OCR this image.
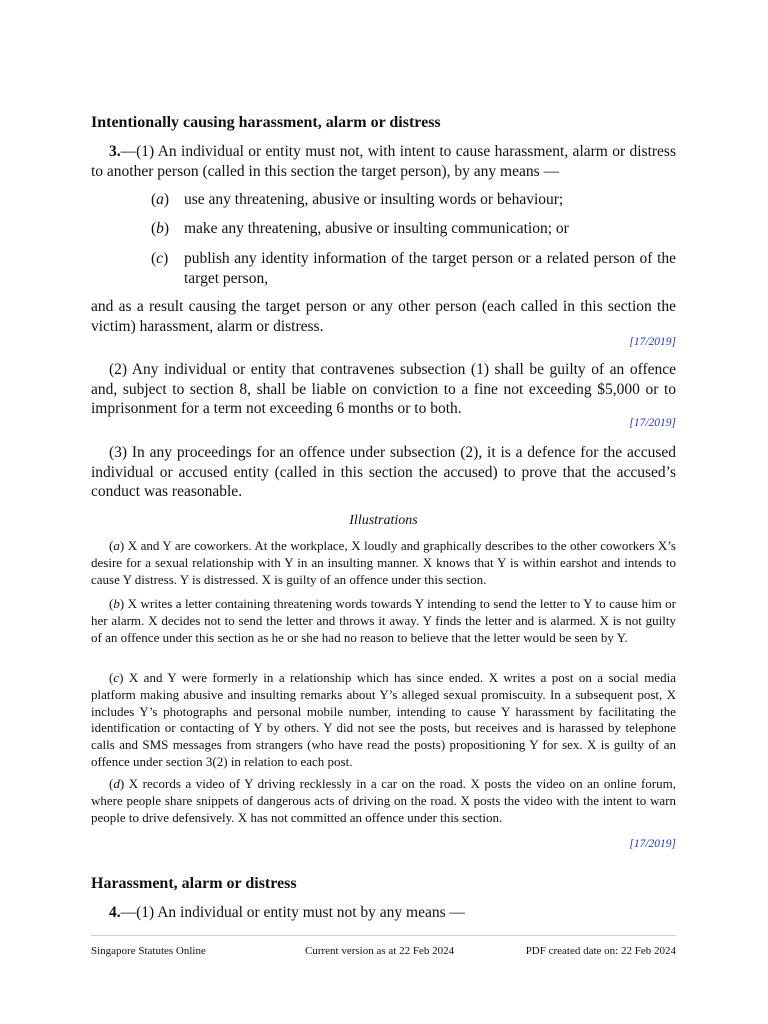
Intentionally causing harassment, alarm or distress
3.—(1) An individual or entity must not, with intent to cause harassment, alarm or distress to another person (called in this section the target person), by any means —
(a) use any threatening, abusive or insulting words or behaviour;
(b) make any threatening, abusive or insulting communication; or
(c)	publish any identity information of the target person or a related person of the target person,
and as a result causing the target person or any other person (each called in this section the victim) harassment, alarm or distress.
[17/2019]
(2) Any individual or entity that contravenes subsection (1) shall be guilty of an offence and, subject to section 8, shall be liable on conviction to a fine not exceeding $5,000 or to imprisonment for a term not exceeding 6 months or to both.
[17/2019]
(3) In any proceedings for an offence under subsection (2), it is a defence for the accused individual or accused entity (called in this section the accused) to prove that the accused’s conduct was reasonable.
Illustrations
(a) X and Y are coworkers. At the workplace, X loudly and graphically describes to the other coworkers X’s desire for a sexual relationship with Y in an insulting manner. X knows that Y is within earshot and intends to cause Y distress. Y is distressed. X is guilty of an offence under this section.
(b) X writes a letter containing threatening words towards Y intending to send the letter to Y to cause him or her alarm. X decides not to send the letter and throws it away. Y finds the letter and is alarmed. X is not guilty of an offence under this section as he or she had no reason to believe that the letter would be seen by Y.
(c) X and Y were formerly in a relationship which has since ended. X writes a post on a social media platform making abusive and insulting remarks about Y’s alleged sexual promiscuity. In a subsequent post, X includes Y’s photographs and personal mobile number, intending to cause Y harassment by facilitating the identification or contacting of Y by others. Y did not see the posts, but receives and is harassed by telephone calls and SMS messages from strangers (who have read the posts) propositioning Y for sex. X is guilty of an offence under section 3(2) in relation to each post.
(d) X records a video of Y driving recklessly in a car on the road. X posts the video on an online forum, where people share snippets of dangerous acts of driving on the road. X posts the video with the intent to warn people to drive defensively. X has not committed an offence under this section.
[17/2019]
Harassment, alarm or distress
4.—(1) An individual or entity must not by any means —
Singapore Statutes Online	Current version as at 22 Feb 2024	PDF created date on: 22 Feb 2024
